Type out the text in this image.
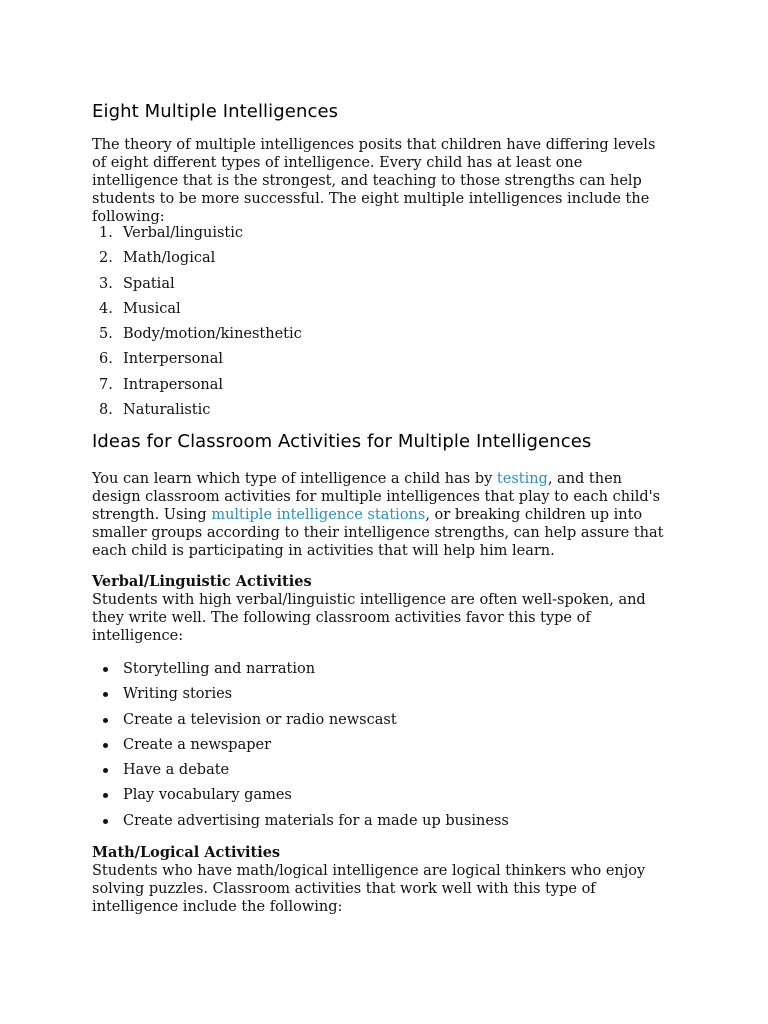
Eight Multiple Intelligences

The theory of multiple intelligences posits that children have differing levels of eight different types of intelligence. Every child has at least one intelligence that is the strongest, and teaching to those strengths can help students to be more successful. The eight multiple intelligences include the following:

1. Verbal/linguistic
2. Math/logical
3. Spatial
4. Musical
5. Body/motion/kinesthetic
6. Interpersonal
7. Intrapersonal
8. Naturalistic
Ideas for Classroom Activities for Multiple Intelligences

You can learn which type of intelligence a child has by testing, and then design classroom activities for multiple intelligences that play to each child's strength. Using multiple intelligence stations, or breaking children up into smaller groups according to their intelligence strengths, can help assure that each child is participating in activities that will help him learn.

Verbal/Linguistic Activities

Students with high verbal/linguistic intelligence are often well-spoken, and they write well. The following classroom activities favor this type of intelligence:

Storytelling and narration
Writing stories
Create a television or radio newscast
Create a newspaper
Have a debate
Play vocabulary games
Create advertising materials for a made up business
Math/Logical Activities

Students who have math/logical intelligence are logical thinkers who enjoy solving puzzles. Classroom activities that work well with this type of intelligence include the following:
